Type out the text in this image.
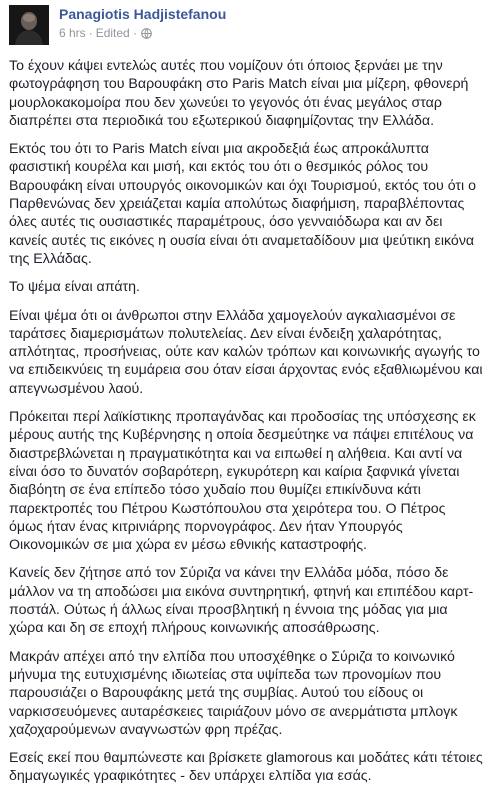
Panagiotis Hadjistefanou
6 hrs · Edited ·

Το έχουν κάψει εντελώς αυτές που νομίζουν ότι όποιος ξερνάει με την φωτογράφηση του Βαρουφάκη στο Paris Match είναι μια μίζερη, φθονερή μουρλοκακομοίρα που δεν χωνεύει το γεγονός ότι ένας μεγάλος σταρ διαπρέπει στα περιοδικά του εξωτερικού διαφημίζοντας την Ελλάδα.

Εκτός του ότι το Paris Match είναι μια ακροδεξιά έως απροκάλυπτα φασιστική κουρέλα και μισή, και εκτός του ότι ο θεσμικός ρόλος του Βαρουφάκη είναι υπουργός οικονομικών και όχι Τουρισμού, εκτός του ότι ο Παρθενώνας δεν χρειάζεται καμία απολύτως διαφήμιση, παραβλέποντας όλες αυτές τις ουσιαστικές παραμέτρους, όσο γενναιόδωρα και αν δει κανείς αυτές τις εικόνες η ουσία είναι ότι αναμεταδίδουν μια ψεύτικη εικόνα της Ελλάδας.

Το ψέμα είναι απάτη.

Είναι ψέμα ότι οι άνθρωποι στην Ελλάδα χαμογελούν αγκαλιασμένοι σε ταράτσες διαμερισμάτων πολυτελείας. Δεν είναι ένδειξη χαλαρότητας, απλότητας, προσήνειας, ούτε καν καλών τρόπων και κοινωνικής αγωγής το να επιδεικνύεις τη ευμάρεια σου όταν είσαι άρχοντας ενός εξαθλιωμένου και απεγνωσμένου λαού.

Πρόκειται περί λαϊκίστικης προπαγάνδας και προδοσίας της υπόσχεσης εκ μέρους αυτής της Κυβέρνησης η οποία δεσμεύτηκε να πάψει επιτέλους να διαστρεβλώνεται η πραγματικότητα και να ειπωθεί η αλήθεια. Και αντί να είναι όσο το δυνατόν σοβαρότερη, εγκυρότερη και καίρια ξαφνικά γίνεται διαβόητη σε ένα επίπεδο τόσο χυδαίο που θυμίζει επικίνδυνα κάτι παρεκτροπές του Πέτρου Κωστόπουλου στα χειρότερα του. Ο Πέτρος όμως ήταν ένας κιτρινιάρης πορνογράφος. Δεν ήταν Υπουργός Οικονομικών σε μια χώρα εν μέσω εθνικής καταστροφής.

Κανείς δεν ζήτησε από τον Σύριζα να κάνει την Ελλάδα μόδα, πόσο δε μάλλον να τη αποδώσει μια εικόνα συντηρητική, φτηνή και επιπέδου καρτ-ποστάλ. Ούτως ή άλλως είναι προσβλητική η έννοια της μόδας για μια χώρα και δη σε εποχή πλήρους κοινωνικής αποσάθρωσης.

Μακράν απέχει από την ελπίδα που υποσχέθηκε ο Σύριζα το κοινωνικό μήνυμα της ευτυχισμένης ιδιωτείας στα υψίπεδα των προνομίων που παρουσιάζει ο Βαρουφάκης μετά της συμβίας. Αυτού του είδους οι ναρκισσευόμενες αυταρέσκειες ταιριάζουν μόνο σε ανερμάτιστα μπλογκ χαζοχαρούμενων αναγνωστών φρη πρέζας.

Εσείς εκεί που θαμπώνεστε και βρίσκετε glamorous και μοδάτες κάτι τέτοιες δημαγωγικές γραφικότητες - δεν υπάρχει ελπίδα για εσάς.
